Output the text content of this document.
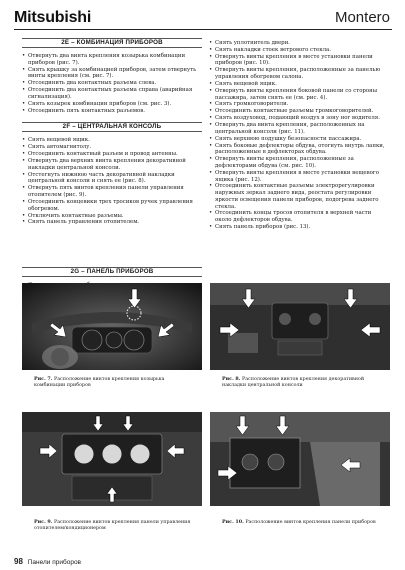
Mitsubishi	Montero
2Е – КОМБИНАЦИЯ ПРИБОРОВ
• Отвернуть два винта крепления козырька комбинации приборов (рис. 7).
• Снять крышку за комбинацией приборов, затем отвернуть винты крепления (см. рис. 7).
• Отсоединить два контактных разъема слева.
• Отсоединить два контактных разъема справа (аварийная сигнализация).
• Снять козырек комбинации приборов (см. рис. 3).
• Отсоединить пять контактных разъемов.
2F – ЦЕНТРАЛЬНАЯ КОНСОЛЬ
• Снять вещевой ящик.
• Снять автомагнитолу.
• Отсоединить контактный разъем и провод антенны.
• Отвернуть два верхних винта крепления декоративной накладки центральной консоли.
• Отстегнуть нижнюю часть декоративной накладки центральной консоли и снять ее (рис. 8).
• Отвернуть пять винтов крепления панели управления отопителем (рис. 9).
• Отсоединить концевики трех тросиков ручек управления обогревом.
• Отключить контактные разъемы.
• Снять панель управления отопителем.
2G – ПАНЕЛЬ ПРИБОРОВ
•
•
• Снять уплотнитель двери.
• Снять накладки стоек ветрового стекла.
• Отвернуть винты крепления в месте установки панели приборов (рис. 10).
• Отвернуть винты крепления, расположенные за панелью управления обогревом салона.
• Снять вещевой ящик.
• Отвернуть винты крепления боковой панели со стороны пассажира, затем снять ее (см. рис. 4).
• Снять громкоговорители.
• Отсоединить контактные разъемы громкоговорителей.
• Снять воздуховод, подающий воздух в зону ног водителя.
• Отвернуть два винта крепления, расположенных на центральной консоли (рис. 11).
• Снять верхнюю подушку безопасности пассажира.
• Снять боковые дефлекторы обдува, отогнуть внутрь лапки, расположенные в дефлекторах обдува.
• Отвернуть винты крепления, расположенные за дефлекторами обдува (см. рис. 10).
• Отвернуть винты крепления в месте установки вещевого ящика (рис. 12).
• Отсоединить контактные разъемы электрорегулировки наружных зеркал заднего вида, реостата регулировки яркости освещения панели приборов, подогрева заднего стекла.
• Отсоединить концы тросов отопителя в верхней части около дефлекторов обдува.
• Снять панель приборов (рис. 13).
Рис. 7. Расположение винтов крепления козырька комбинации приборов
Рис. 8. Расположение винтов крепления декоративной накладки центральной консоли
Рис. 9. Расположение винтов крепления панели управления отопителем/кондиционером
Рис. 10. Расположение винтов крепления панели приборов
98 Панели приборов
